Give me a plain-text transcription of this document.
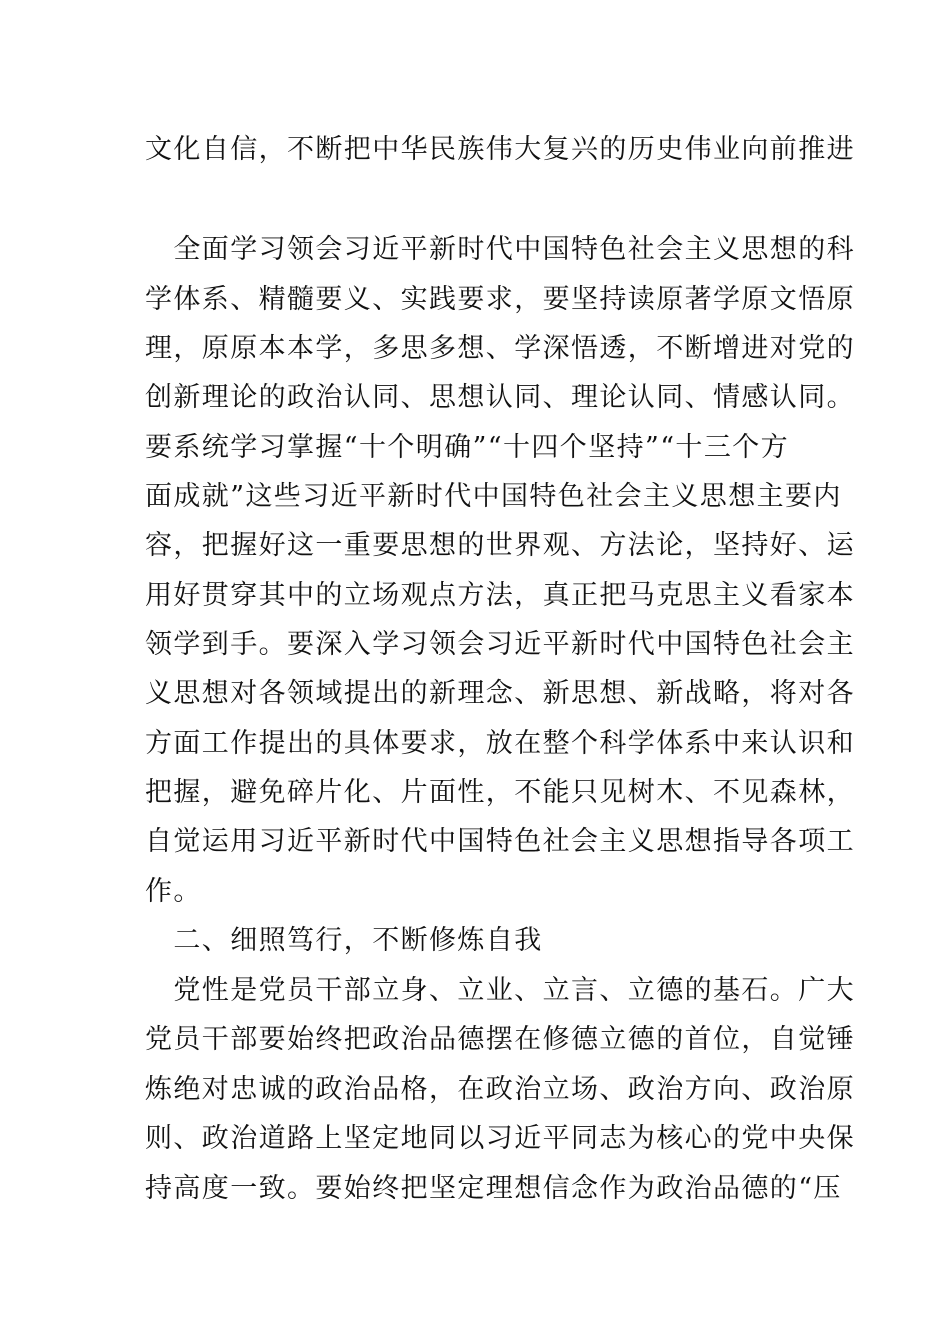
文化自信，不断把中华民族伟大复兴的历史伟业向前推进
　全面学习领会习近平新时代中国特色社会主义思想的科
学体系、精髓要义、实践要求，要坚持读原著学原文悟原
理，原原本本学，多思多想、学深悟透，不断增进对党的
创新理论的政治认同、思想认同、理论认同、情感认同。
要系统学习掌握“十个明确”“十四个坚持”“十三个方
面成就”这些习近平新时代中国特色社会主义思想主要内
容，把握好这一重要思想的世界观、方法论，坚持好、运
用好贯穿其中的立场观点方法，真正把马克思主义看家本
领学到手。要深入学习领会习近平新时代中国特色社会主
义思想对各领域提出的新理念、新思想、新战略，将对各
方面工作提出的具体要求，放在整个科学体系中来认识和
把握，避免碎片化、片面性，不能只见树木、不见森林，
自觉运用习近平新时代中国特色社会主义思想指导各项工
作。
　二、细照笃行，不断修炼自我
　党性是党员干部立身、立业、立言、立德的基石。广大
党员干部要始终把政治品德摆在修德立德的首位，自觉锤
炼绝对忠诚的政治品格，在政治立场、政治方向、政治原
则、政治道路上坚定地同以习近平同志为核心的党中央保
持高度一致。要始终把坚定理想信念作为政治品德的“压
